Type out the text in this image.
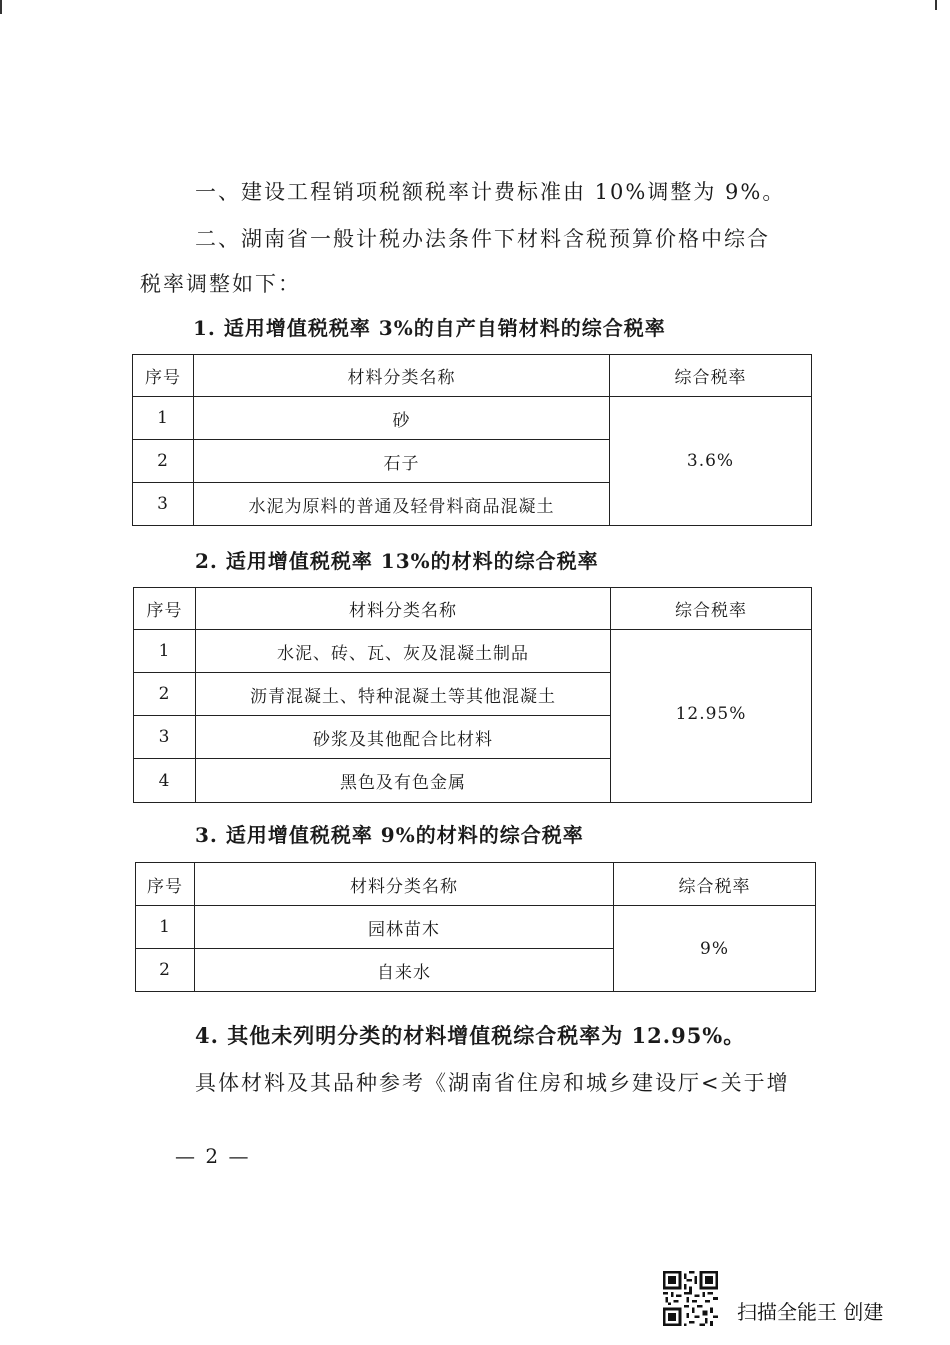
一、建设工程销项税额税率计费标准由 10%调整为 9%。
二、湖南省一般计税办法条件下材料含税预算价格中综合
税率调整如下：
1. 适用增值税税率 3%的自产自销材料的综合税率
序号	材料分类名称	综合税率
1	砂	3.6%
2	石子	
3	水泥为原料的普通及轻骨料商品混凝土	
2. 适用增值税税率 13%的材料的综合税率
序号	材料分类名称	综合税率
1	水泥、砖、瓦、灰及混凝土制品	12.95%
2	沥青混凝土、特种混凝土等其他混凝土	
3	砂浆及其他配合比材料	
4	黑色及有色金属	
3. 适用增值税税率 9%的材料的综合税率
序号	材料分类名称	综合税率
1	园林苗木	9%
2	自来水	
4. 其他未列明分类的材料增值税综合税率为 12.95%。
具体材料及其品种参考《湖南省住房和城乡建设厅<关于增
— 2 —
扫描全能王 创建
